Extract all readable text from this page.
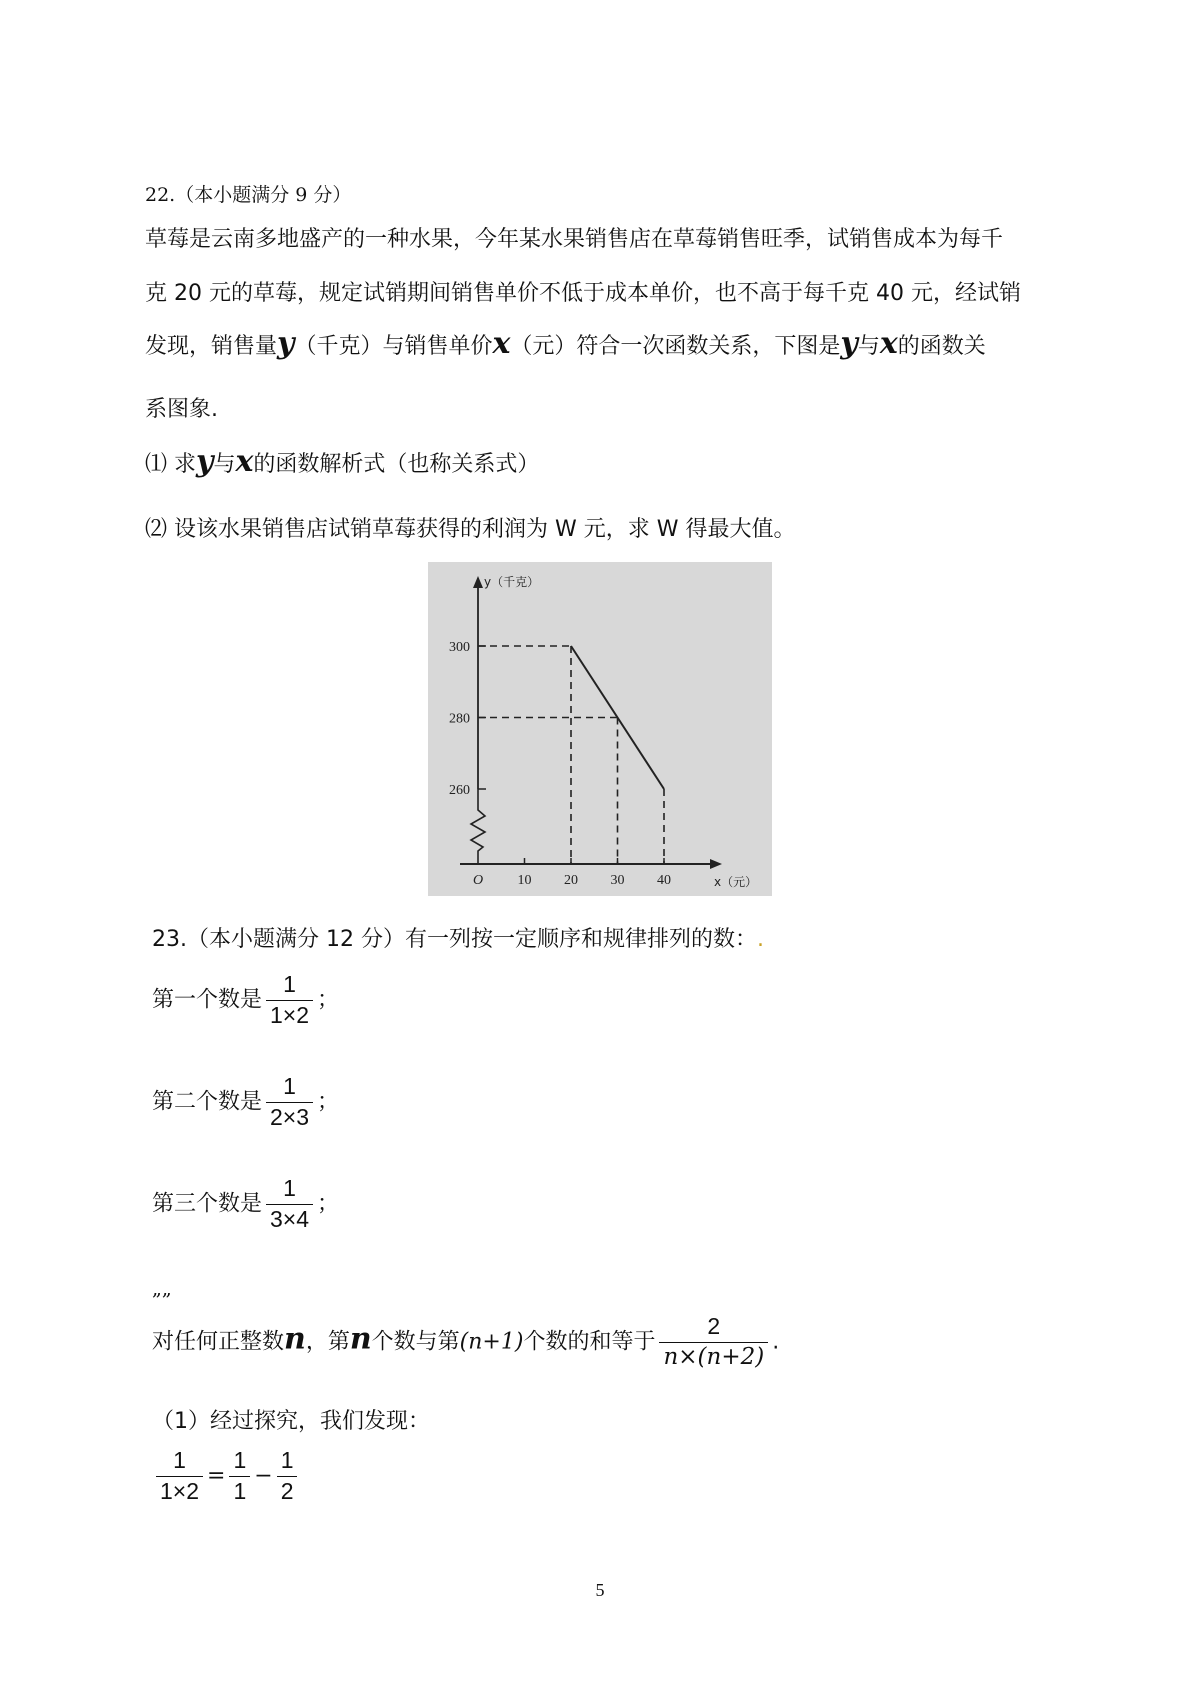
22.（本小题满分 9 分）
草莓是云南多地盛产的一种水果，今年某水果销售店在草莓销售旺季，试销售成本为每千
克 20 元的草莓，规定试销期间销售单价不低于成本单价，也不高于每千克 40 元，经试销
发现，销售量y（千克）与销售单价x（元）符合一次函数关系，下图是y与x的函数关
系图象.
⑴ 求y与x的函数解析式（也称关系式）
⑵ 设该水果销售店试销草莓获得的利润为 W 元，求 W 得最大值。
y（千克）
x（元）
260
280
300
O 10 20 30 40
23.（本小题满分 12 分）有一列按一定顺序和规律排列的数：.
第一个数是 $\frac{1}{1\times 2}$ ；
第二个数是 $\frac{1}{2\times 3}$ ；
第三个数是 $\frac{1}{3\times 4}$ ；
„„
对任何正整数n，第n个数与第(n+1)个数的和等于 $\frac{2}{n\times(n+2)}$ .
（1）经过探究，我们发现：
$\frac{1}{1\times 2} = \frac{1}{1} - \frac{1}{2}$
5
